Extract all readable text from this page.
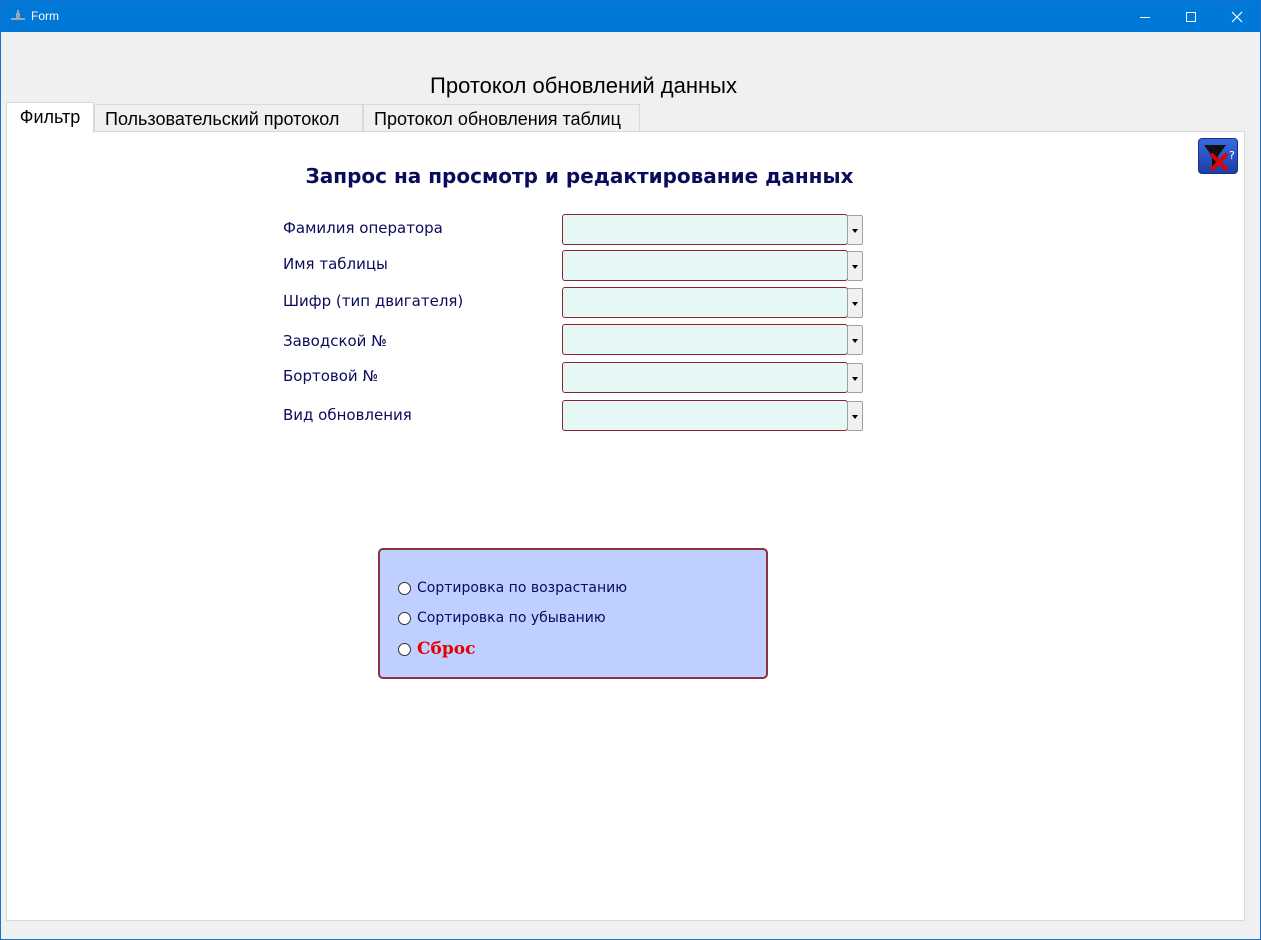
Form
Протокол обновлений данных
Фильтр	Пользовательский протокол	Протокол обновления таблиц
?
Запрос на просмотр и редактирование данных
Фамилия оператора
Имя таблицы
Шифр (тип двигателя)
Заводской №
Бортовой №
Вид обновления
Сортировка по возрастанию
Сортировка по убыванию
Сброс
